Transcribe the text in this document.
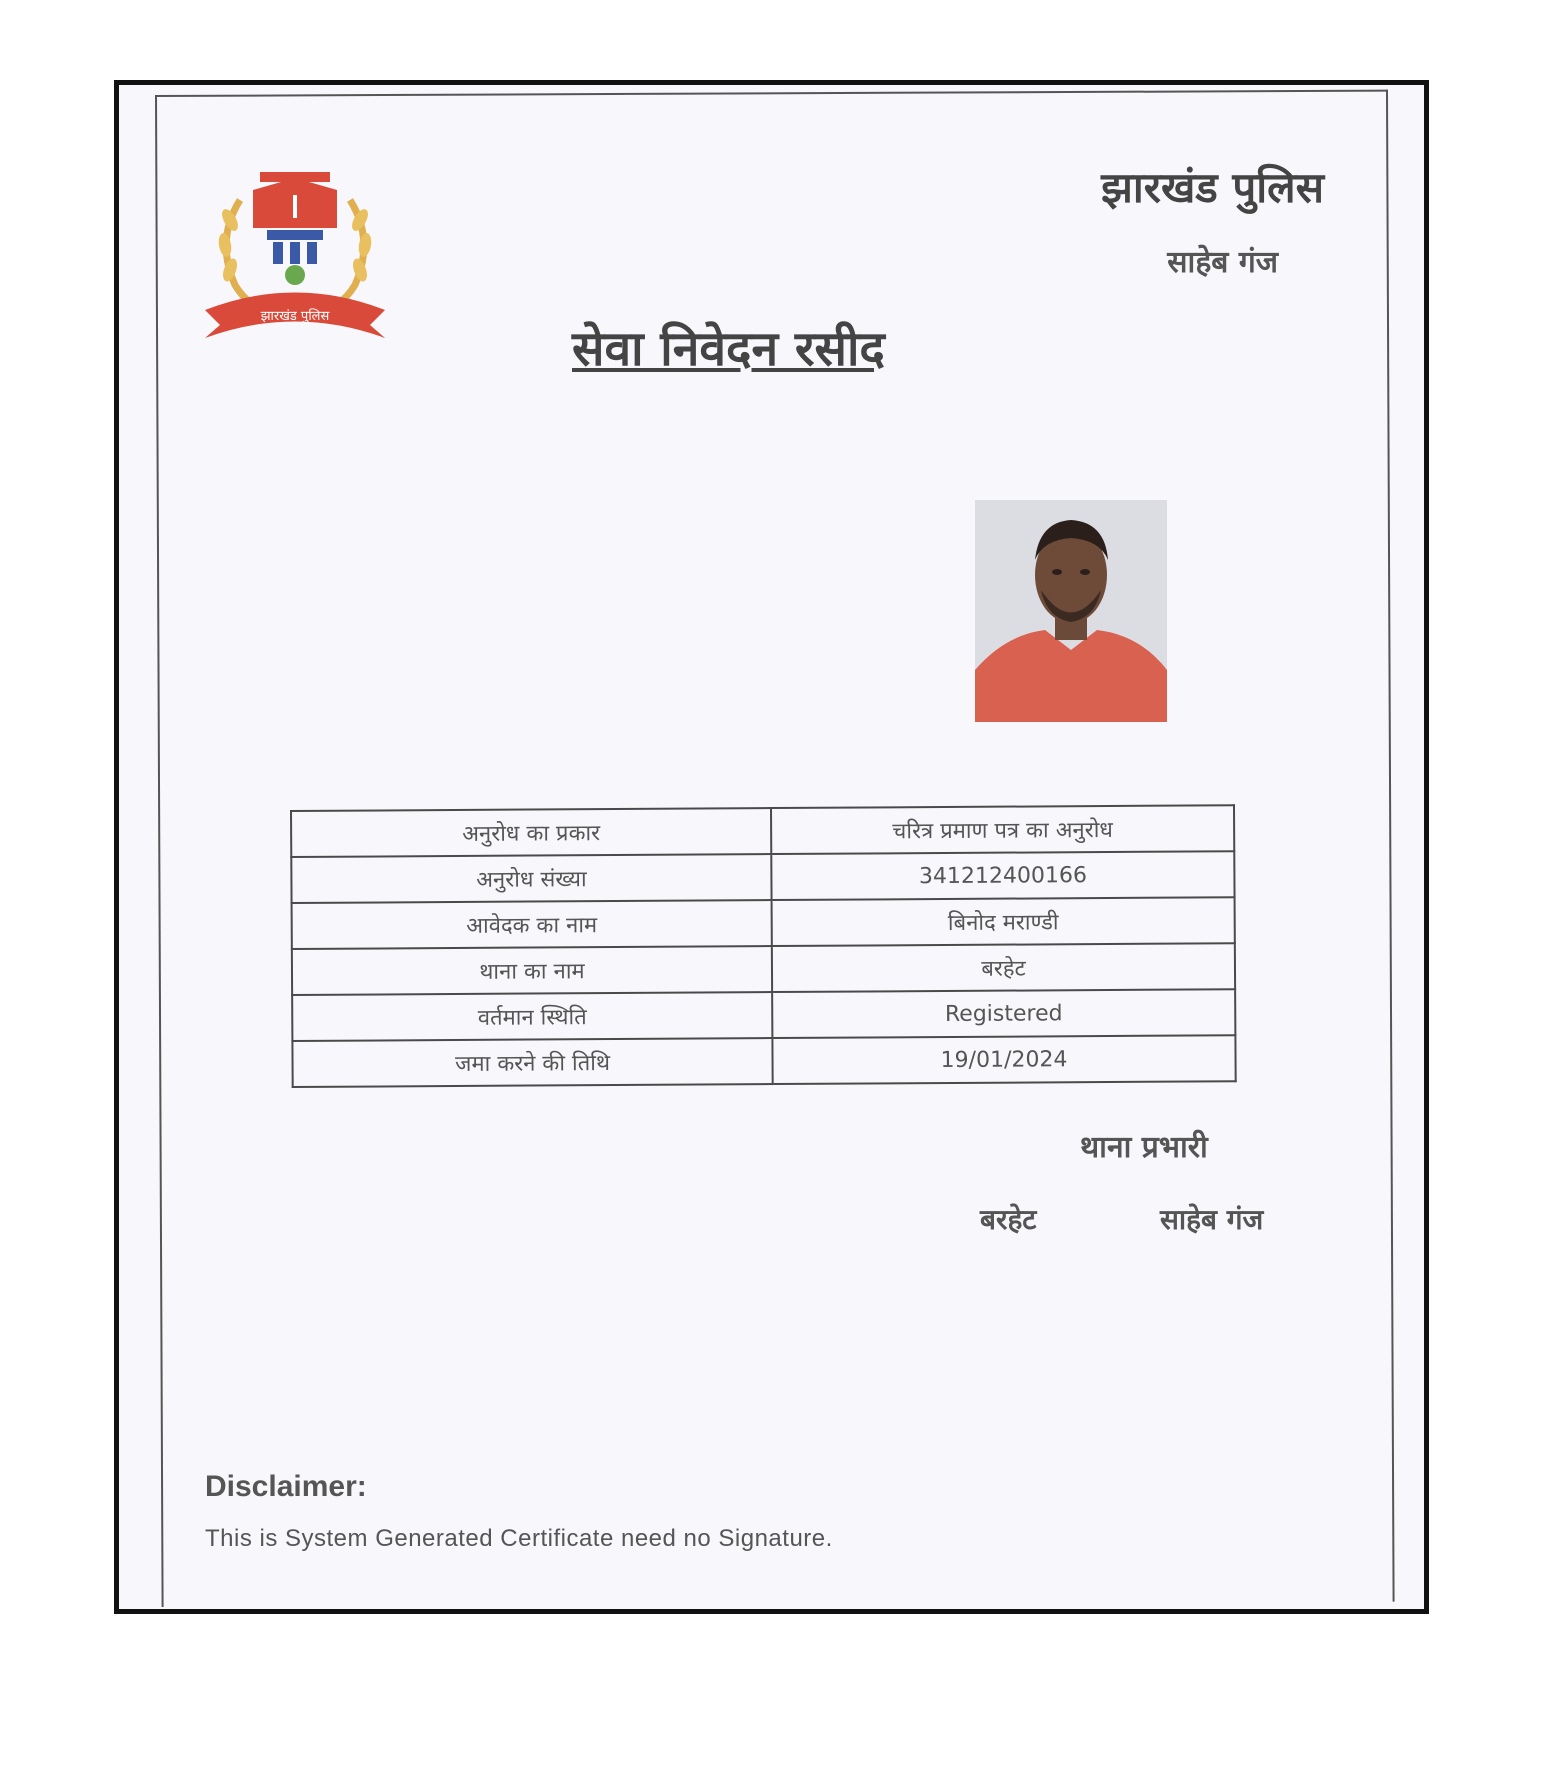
झारखंड पुलिस
झारखंड पुलिस
साहेब गंज
सेवा निवेदन रसीद
अनुरोध का प्रकार	चरित्र प्रमाण पत्र का अनुरोध
अनुरोध संख्या	341212400166
आवेदक का नाम	बिनोद मराण्डी
थाना का नाम	बरहेट
वर्तमान स्थिति	Registered
जमा करने की तिथि	19/01/2024
थाना प्रभारी
बरहेट	साहेब गंज
Disclaimer:
This is System Generated Certificate need no Signature.
